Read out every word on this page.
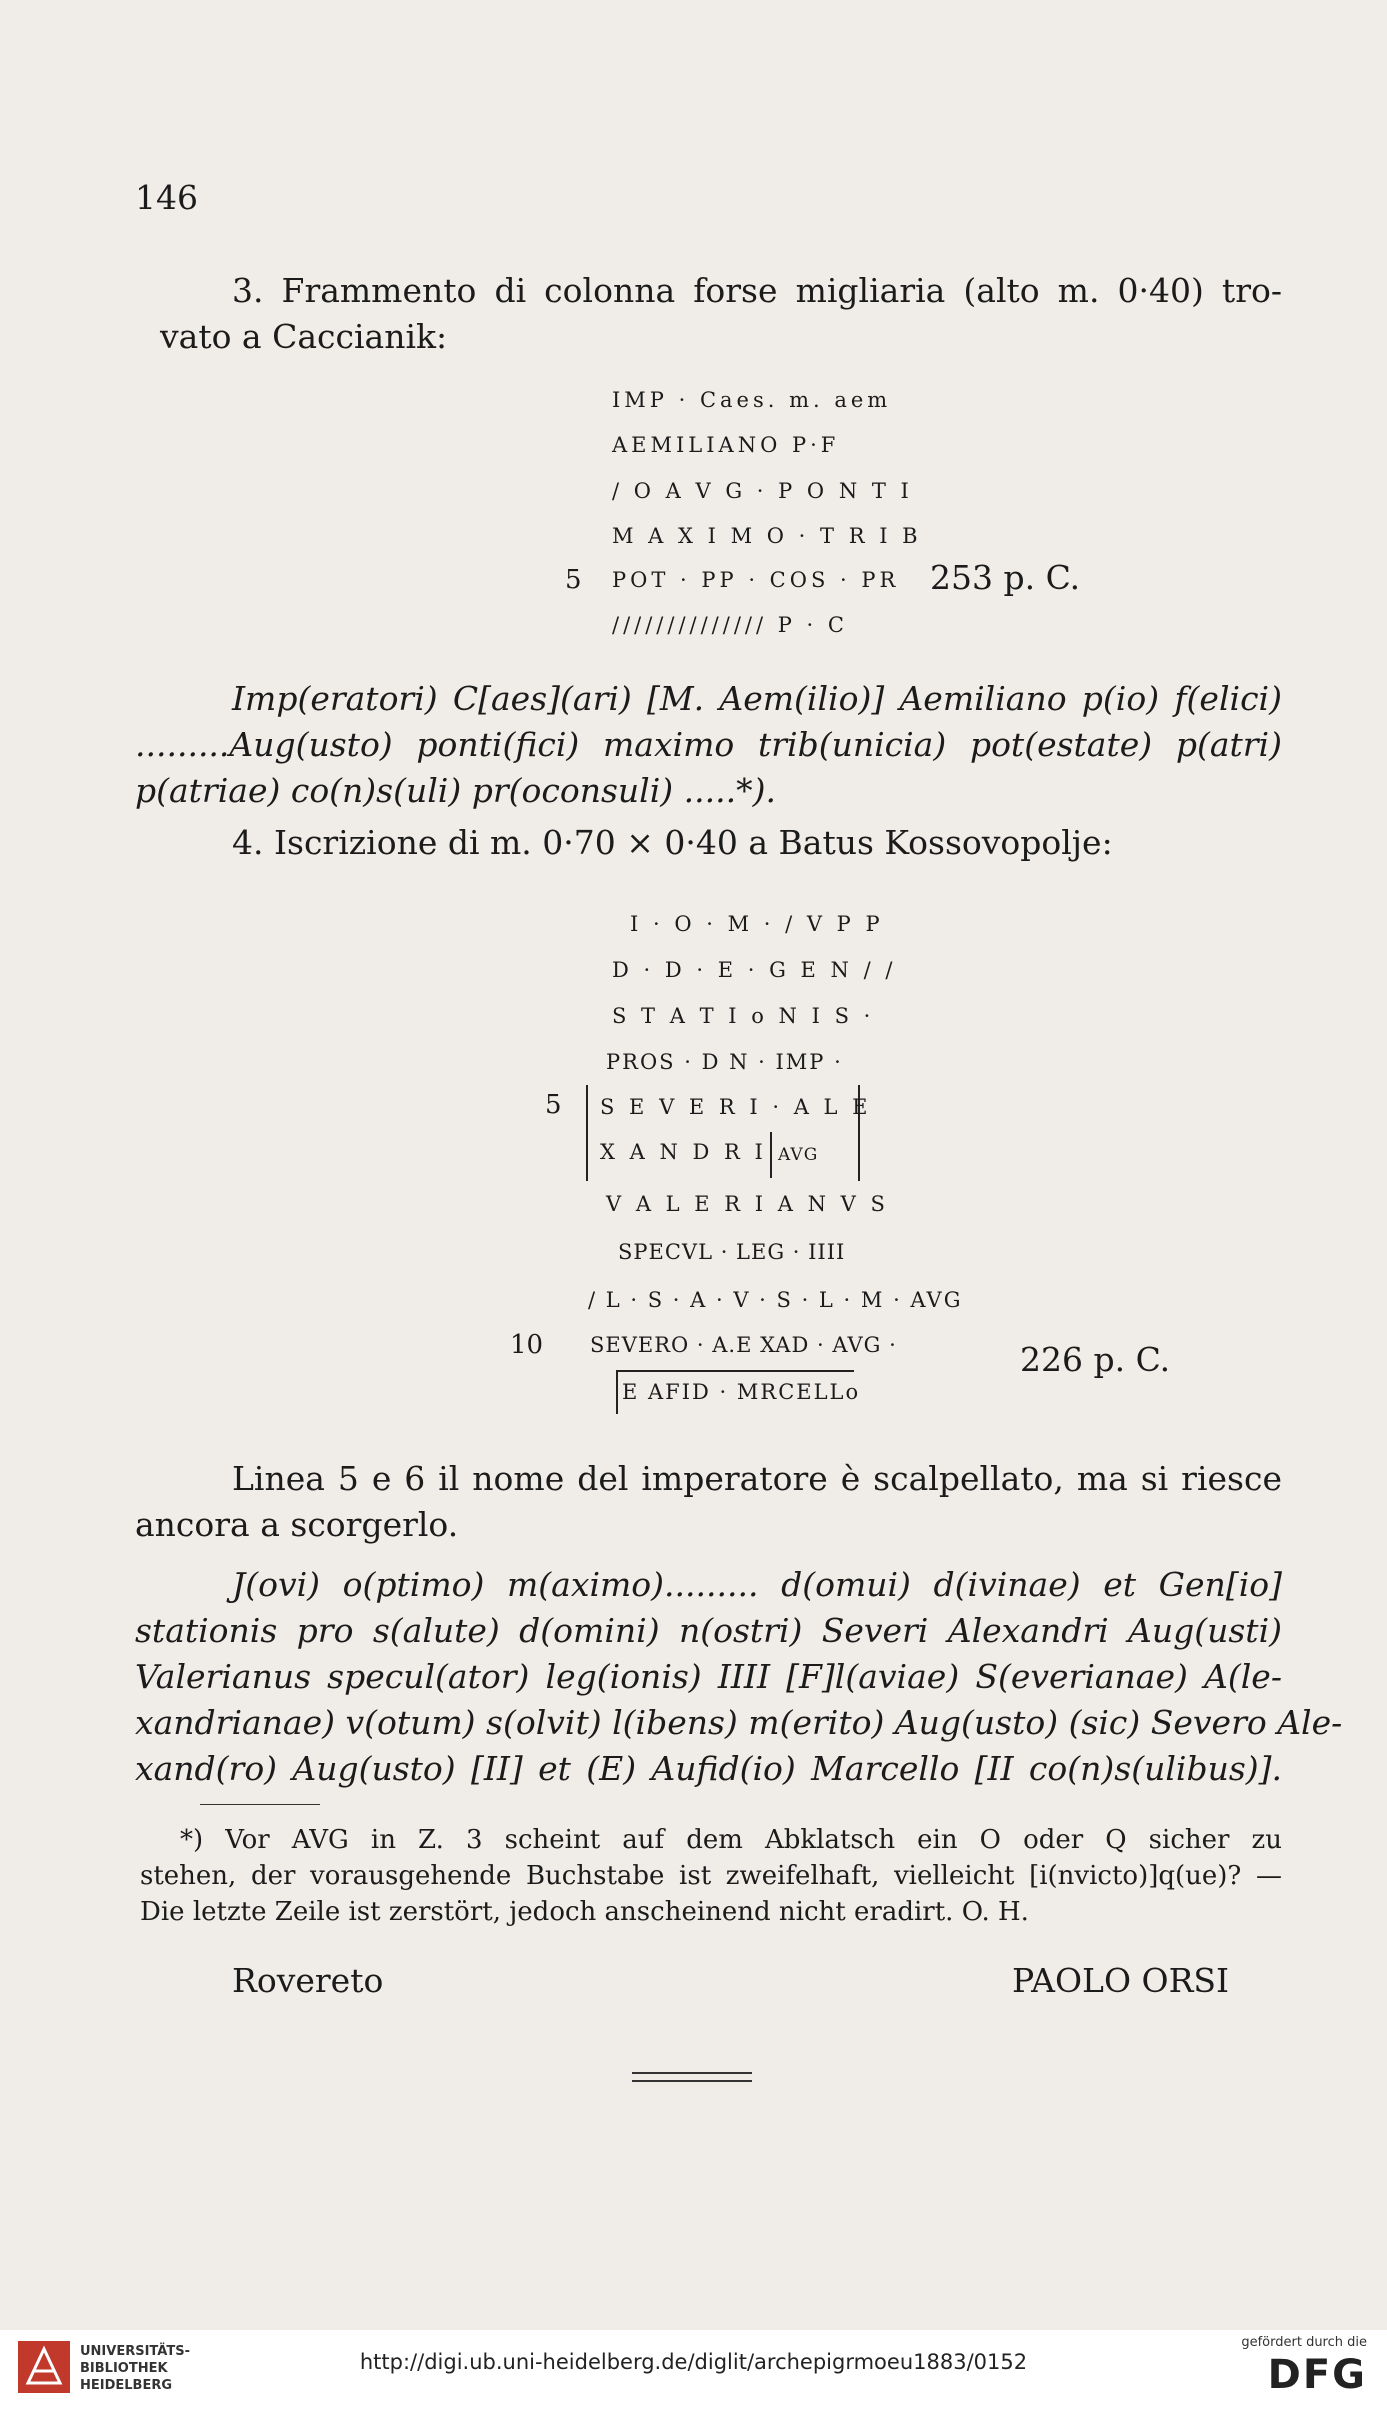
146
3. Frammento di colonna forse migliaria (alto m. 0·40) tro-
vato a Caccianik:
IMP · Caes. m. aem
AEMILIANO P·F
/ O A V G · P O N T I
M A X I M O · T R I B
5 POT · PP · COS · PR 253 p. C.
////////////// P · C
Imp(eratori) C[aes](ari) [M. Aem(ilio)] Aemiliano p(io) f(elici)
.........Aug(usto) ponti(fici) maximo trib(unicia) pot(estate) p(atri)
p(atriae) co(n)s(uli) pr(oconsuli) .....*).
4. Iscrizione di m. 0·70 × 0·40 a Batus Kossovopolje:
I · O · M · / V P P
D · D · E · G E N / /
S T A T I o N I S ·
PROS · D N · IMP ·
5 S E V E R I · A L E
X A N D R I AVG
V A L E R I A N V S
SPECVL · LEG · IIII
/ L · S · A · V · S · L · M · AVG
10 SEVERO · A.E XAD · AVG ·	226 p. C.
E AFID · MRCELLo
Linea 5 e 6 il nome del imperatore è scalpellato, ma si riesce
ancora a scorgerlo.
J(ovi) o(ptimo) m(aximo)......... d(omui) d(ivinae) et Gen[io]
stationis pro s(alute) d(omini) n(ostri) Severi Alexandri Aug(usti)
Valerianus specul(ator) leg(ionis) IIII [F]l(aviae) S(everianae) A(le-
xandrianae) v(otum) s(olvit) l(ibens) m(erito) Aug(usto) (sic) Severo Ale-
xand(ro) Aug(usto) [II] et (E) Aufid(io) Marcello [II co(n)s(ulibus)].
*) Vor AVG in Z. 3 scheint auf dem Abklatsch ein O oder Q sicher zu
stehen, der vorausgehende Buchstabe ist zweifelhaft, vielleicht [i(nvicto)]q(ue)? —
Die letzte Zeile ist zerstört, jedoch anscheinend nicht eradirt. O. H.
Rovereto	PAOLO ORSI
UNIVERSITÄTS-
BIBLIOTHEK
HEIDELBERG
http://digi.ub.uni-heidelberg.de/diglit/archepigrmoeu1883/0152
gefördert durch die
DFG
